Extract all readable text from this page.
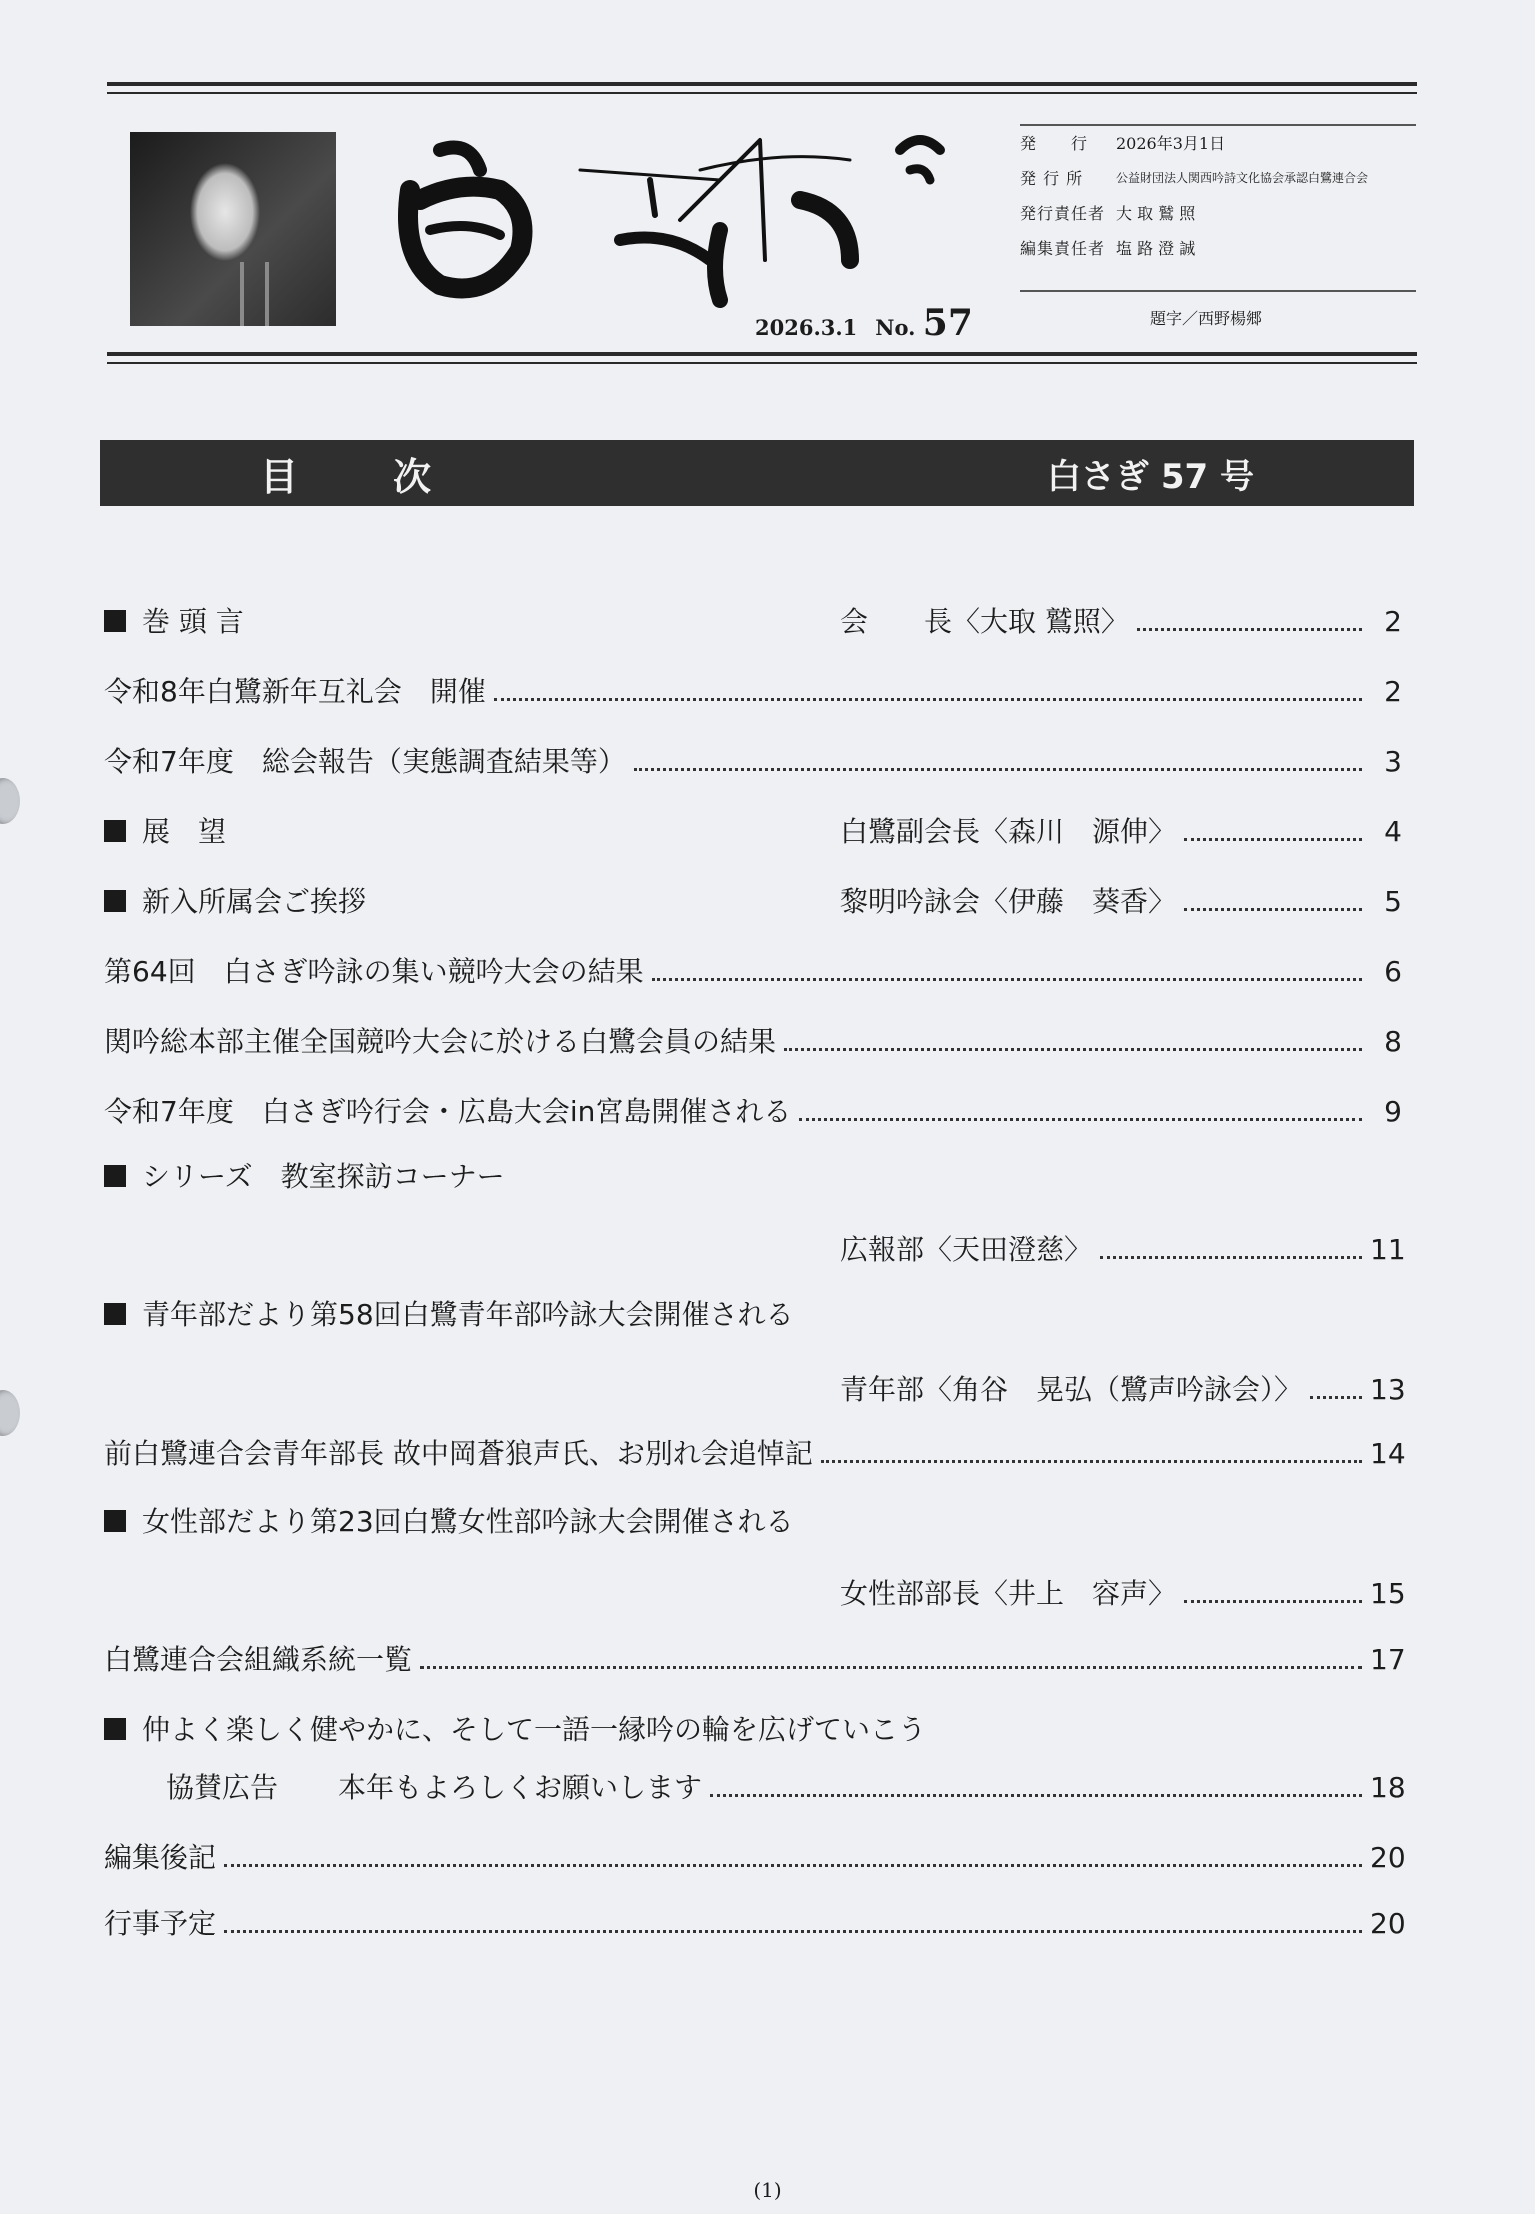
2026.3.1 No. 57
発　　行	2026年3月1日
発 行 所	公益財団法人関西吟詩文化協会承認白鷺連合会
発行責任者 大 取 鷲 照
編集責任者 塩 路 澄 誠
題字／西野楊郷
目次	白さぎ 57 号
巻 頭 言	会　　長〈大取 鷲照〉	2
令和8年白鷺新年互礼会　開催	2
令和7年度　総会報告（実態調査結果等）	3
展　望	白鷺副会長〈森川　源伸〉	4
新入所属会ご挨拶	黎明吟詠会〈伊藤　葵香〉	5
第64回　白さぎ吟詠の集い競吟大会の結果	6
関吟総本部主催全国競吟大会に於ける白鷺会員の結果	8
令和7年度　白さぎ吟行会・広島大会in宮島開催される	9
シリーズ　教室探訪コーナー
広報部〈天田澄慈〉	11
青年部だより第58回白鷺青年部吟詠大会開催される
青年部〈角谷　晃弘（鷺声吟詠会）〉 13
前白鷺連合会青年部長 故中岡蒼狼声氏、お別れ会追悼記	14
女性部だより第23回白鷺女性部吟詠大会開催される
女性部部長〈井上　容声〉	15
白鷺連合会組織系統一覧	17
仲よく楽しく健やかに、そして一語一縁吟の輪を広げていこう
協賛広告 本年もよろしくお願いします	18
編集後記	20
行事予定	20
(1)
